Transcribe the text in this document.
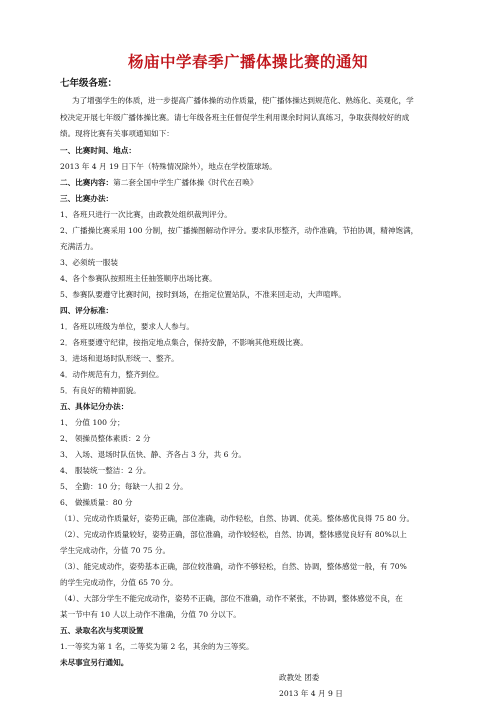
杨庙中学春季广播体操比赛的通知
七年级各班：
为了增强学生的体质，进一步提高广播体操的动作质量，使广播体操达到规范化、熟练化、美观化，学
校决定开展七年级广播体操比赛。请七年级各班主任督促学生利用课余时间认真练习，争取获得较好的成
绩。现将比赛有关事项通知如下：
一、比赛时间、地点：
2013 年 4 月 19 日下午（特殊情况除外），地点在学校篮球场。
二、比赛内容：第二套全国中学生广播体操《时代在召唤》
三、比赛办法：
1、各班只进行一次比赛，由政教处组织裁判评分。
2、广播操比赛采用 100 分制，按广播操图解动作评分。要求队形整齐，动作准确，节拍协调，精神饱满，
充满活力。
3、必须统一服装
4、各个参赛队按照班主任抽签顺序出场比赛。
5、参赛队要遵守比赛时间，按时到场，在指定位置站队，不准来回走动，大声喧哗。
四、评分标准：
1．各班以班级为单位，要求人人参与。
2．各班要遵守纪律，按指定地点集合，保持安静，不影响其他班级比赛。
3．进场和退场时队形统一、整齐。
4．动作规范有力，整齐到位。
5．有良好的精神面貌。
五、具体记分办法：
1、 分值 100 分；
2、 领操员整体素质：2 分
3、 入场、退场时队伍快、静、齐各占 3 分，共 6 分。
4、 服装统一整洁：2 分。
5、 全勤：10 分；每缺一人扣 2 分。
6、 做操质量：80 分
（1）、完成动作质量好，姿势正确，部位准确，动作轻松，自然、协调、优美。整体感优良得 75 80 分。
（2）、完成动作质量较好，姿势正确，部位准确，动作较轻松，自然、协调，整体感觉良好有 80%以上
学生完成动作，分值 70 75 分。
（3）、能完成动作，姿势基本正确，部位较准确，动作不够轻松，自然、协调，整体感觉一般，有 70%
的学生完成动作，分值 65 70 分。
（4）、大部分学生不能完成动作，姿势不正确，部位不准确，动作不紧张，不协调，整体感觉不良，在
某一节中有 10 人以上动作不准确，分值 70 分以下。
五、录取名次与奖项设置
1.一等奖为第 1 名，二等奖为第 2 名，其余的为三等奖。
未尽事宜另行通知。
政教处 团委
2013 年 4 月 9 日
